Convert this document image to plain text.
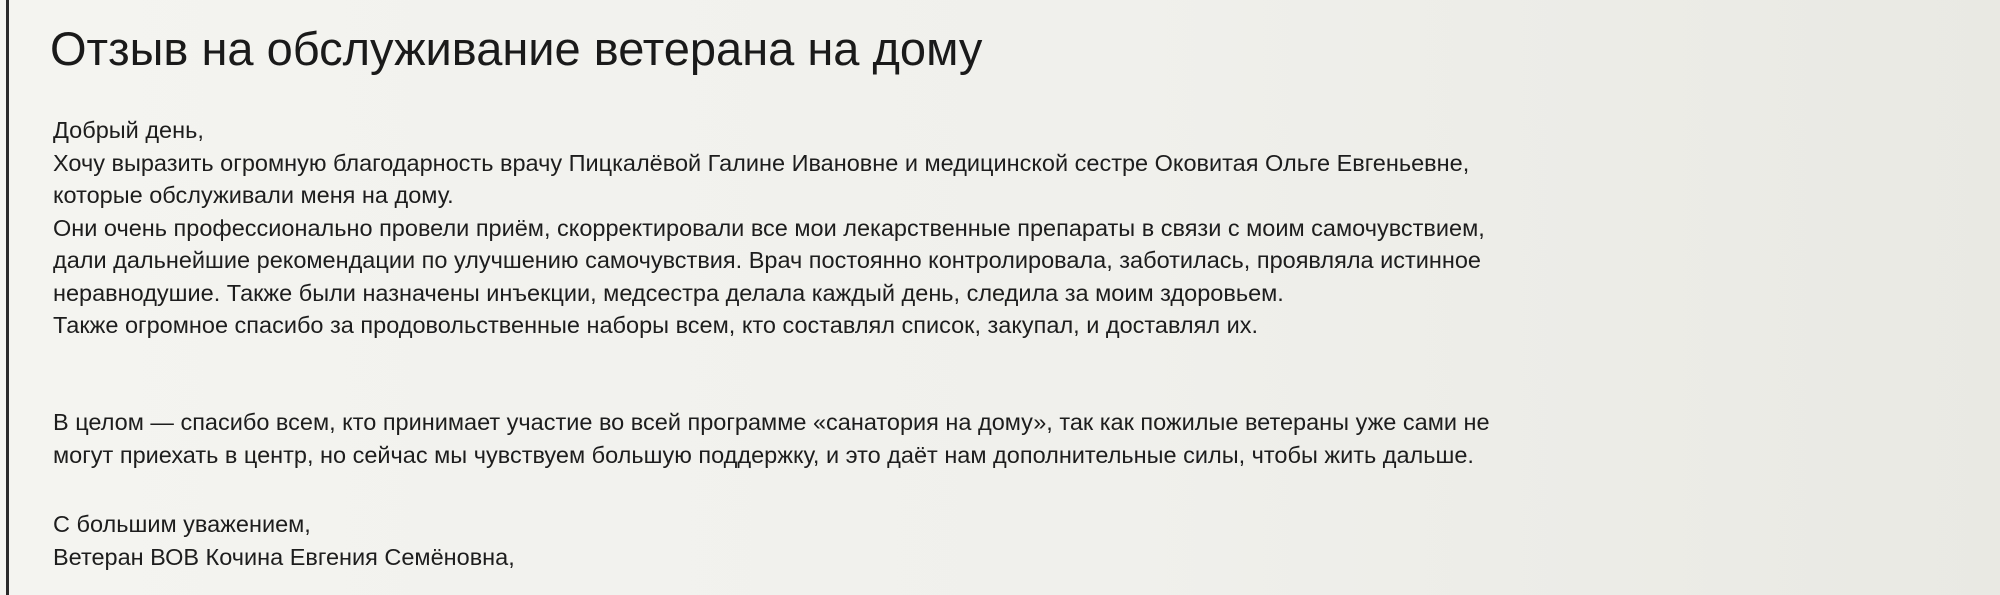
Отзыв на обслуживание ветерана на дому

Добрый день,
Хочу выразить огромную благодарность врачу Пицкалёвой Галине Ивановне и медицинской сестре Оковитая Ольге Евгеньевне,
которые обслуживали меня на дому.
Они очень профессионально провели приём, скорректировали все мои лекарственные препараты в связи с моим самочувствием,
дали дальнейшие рекомендации по улучшению самочувствия. Врач постоянно контролировала, заботилась, проявляла истинное
неравнодушие. Также были назначены инъекции, медсестра делала каждый день, следила за моим здоровьем.
Также огромное спасибо за продовольственные наборы всем, кто составлял список, закупал, и доставлял их.

В целом — спасибо всем, кто принимает участие во всей программе «санатория на дому», так как пожилые ветераны уже сами не
могут приехать в центр, но сейчас мы чувствуем большую поддержку, и это даёт нам дополнительные силы, чтобы жить дальше.

С большим уважением,
Ветеран ВОВ Кочина Евгения Семёновна,
